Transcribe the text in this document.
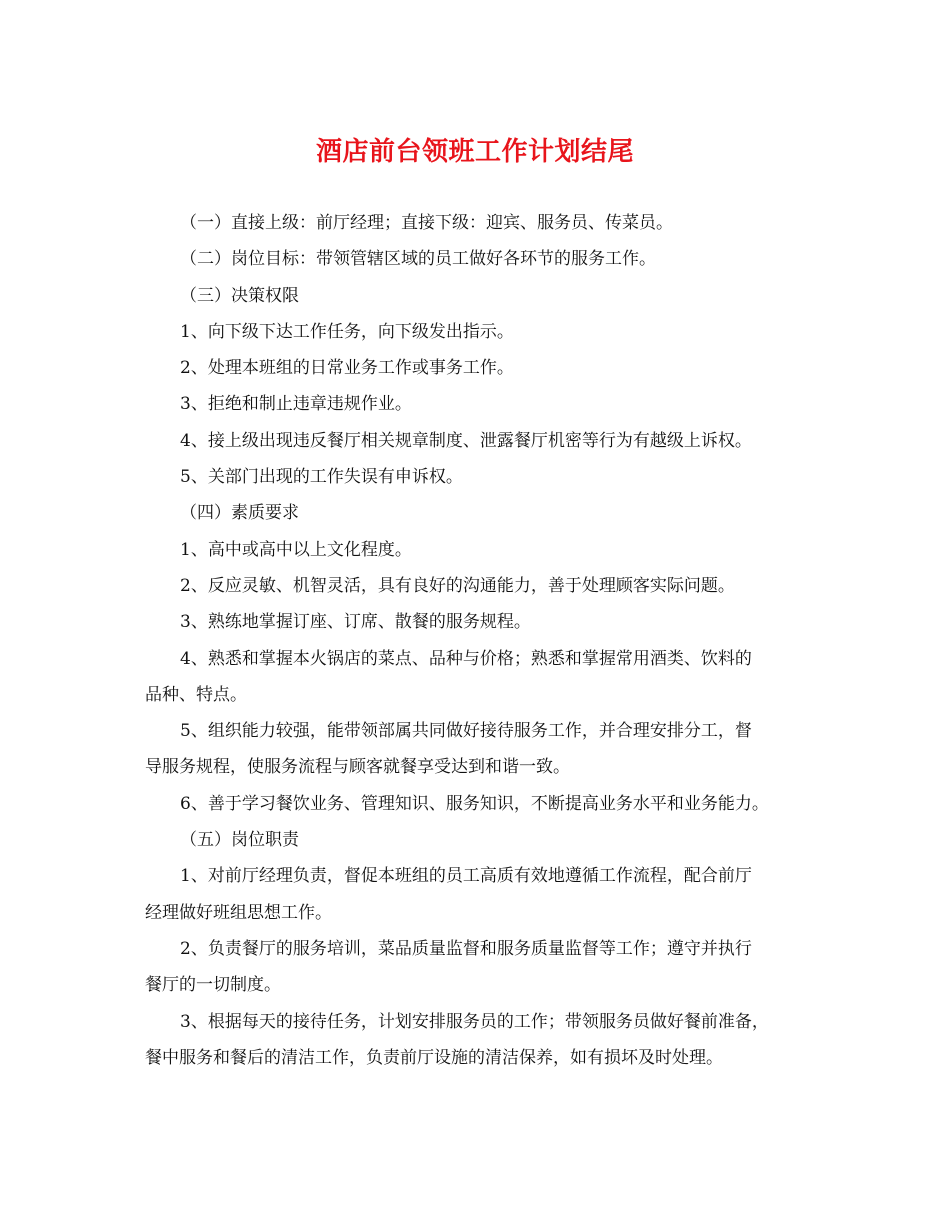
酒店前台领班工作计划结尾
（一）直接上级：前厅经理；直接下级：迎宾、服务员、传菜员。
（二）岗位目标：带领管辖区域的员工做好各环节的服务工作。
（三）决策权限
1、向下级下达工作任务，向下级发出指示。
2、处理本班组的日常业务工作或事务工作。
3、拒绝和制止违章违规作业。
4、接上级出现违反餐厅相关规章制度、泄露餐厅机密等行为有越级上诉权。
5、关部门出现的工作失误有申诉权。
（四）素质要求
1、高中或高中以上文化程度。
2、反应灵敏、机智灵活，具有良好的沟通能力，善于处理顾客实际问题。
3、熟练地掌握订座、订席、散餐的服务规程。
4、熟悉和掌握本火锅店的菜点、品种与价格；熟悉和掌握常用酒类、饮料的
品种、特点。
5、组织能力较强，能带领部属共同做好接待服务工作，并合理安排分工，督
导服务规程，使服务流程与顾客就餐享受达到和谐一致。
6、善于学习餐饮业务、管理知识、服务知识，不断提高业务水平和业务能力。
（五）岗位职责
1、对前厅经理负责，督促本班组的员工高质有效地遵循工作流程，配合前厅
经理做好班组思想工作。
2、负责餐厅的服务培训，菜品质量监督和服务质量监督等工作；遵守并执行
餐厅的一切制度。
3、根据每天的接待任务，计划安排服务员的工作；带领服务员做好餐前准备，
餐中服务和餐后的清洁工作，负责前厅设施的清洁保养，如有损坏及时处理。
